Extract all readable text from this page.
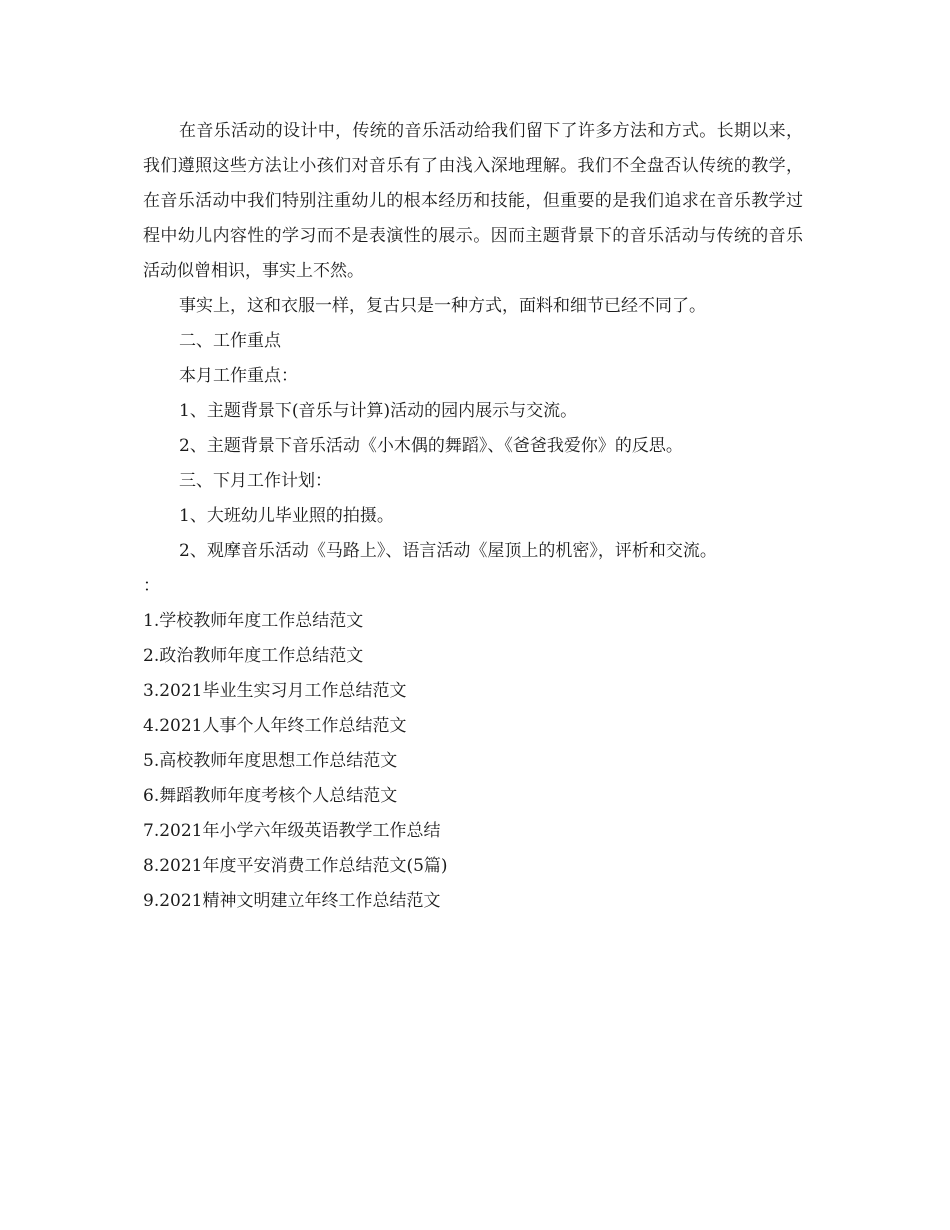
在音乐活动的设计中，传统的音乐活动给我们留下了许多方法和方式。长期以来，我们遵照这些方法让小孩们对音乐有了由浅入深地理解。我们不全盘否认传统的教学，在音乐活动中我们特别注重幼儿的根本经历和技能，但重要的是我们追求在音乐教学过程中幼儿内容性的学习而不是表演性的展示。因而主题背景下的音乐活动与传统的音乐活动似曾相识，事实上不然。

事实上，这和衣服一样，复古只是一种方式，面料和细节已经不同了。

二、工作重点

本月工作重点：

1、主题背景下(音乐与计算)活动的园内展示与交流。

2、主题背景下音乐活动《小木偶的舞蹈》、《爸爸我爱你》的反思。

三、下月工作计划：

1、大班幼儿毕业照的拍摄。

2、观摩音乐活动《马路上》、语言活动《屋顶上的机密》，评析和交流。

：

1.学校教师年度工作总结范文
2.政治教师年度工作总结范文
3.2021毕业生实习月工作总结范文
4.2021人事个人年终工作总结范文
5.高校教师年度思想工作总结范文
6.舞蹈教师年度考核个人总结范文
7.2021年小学六年级英语教学工作总结
8.2021年度平安消费工作总结范文(5篇)
9.2021精神文明建立年终工作总结范文
